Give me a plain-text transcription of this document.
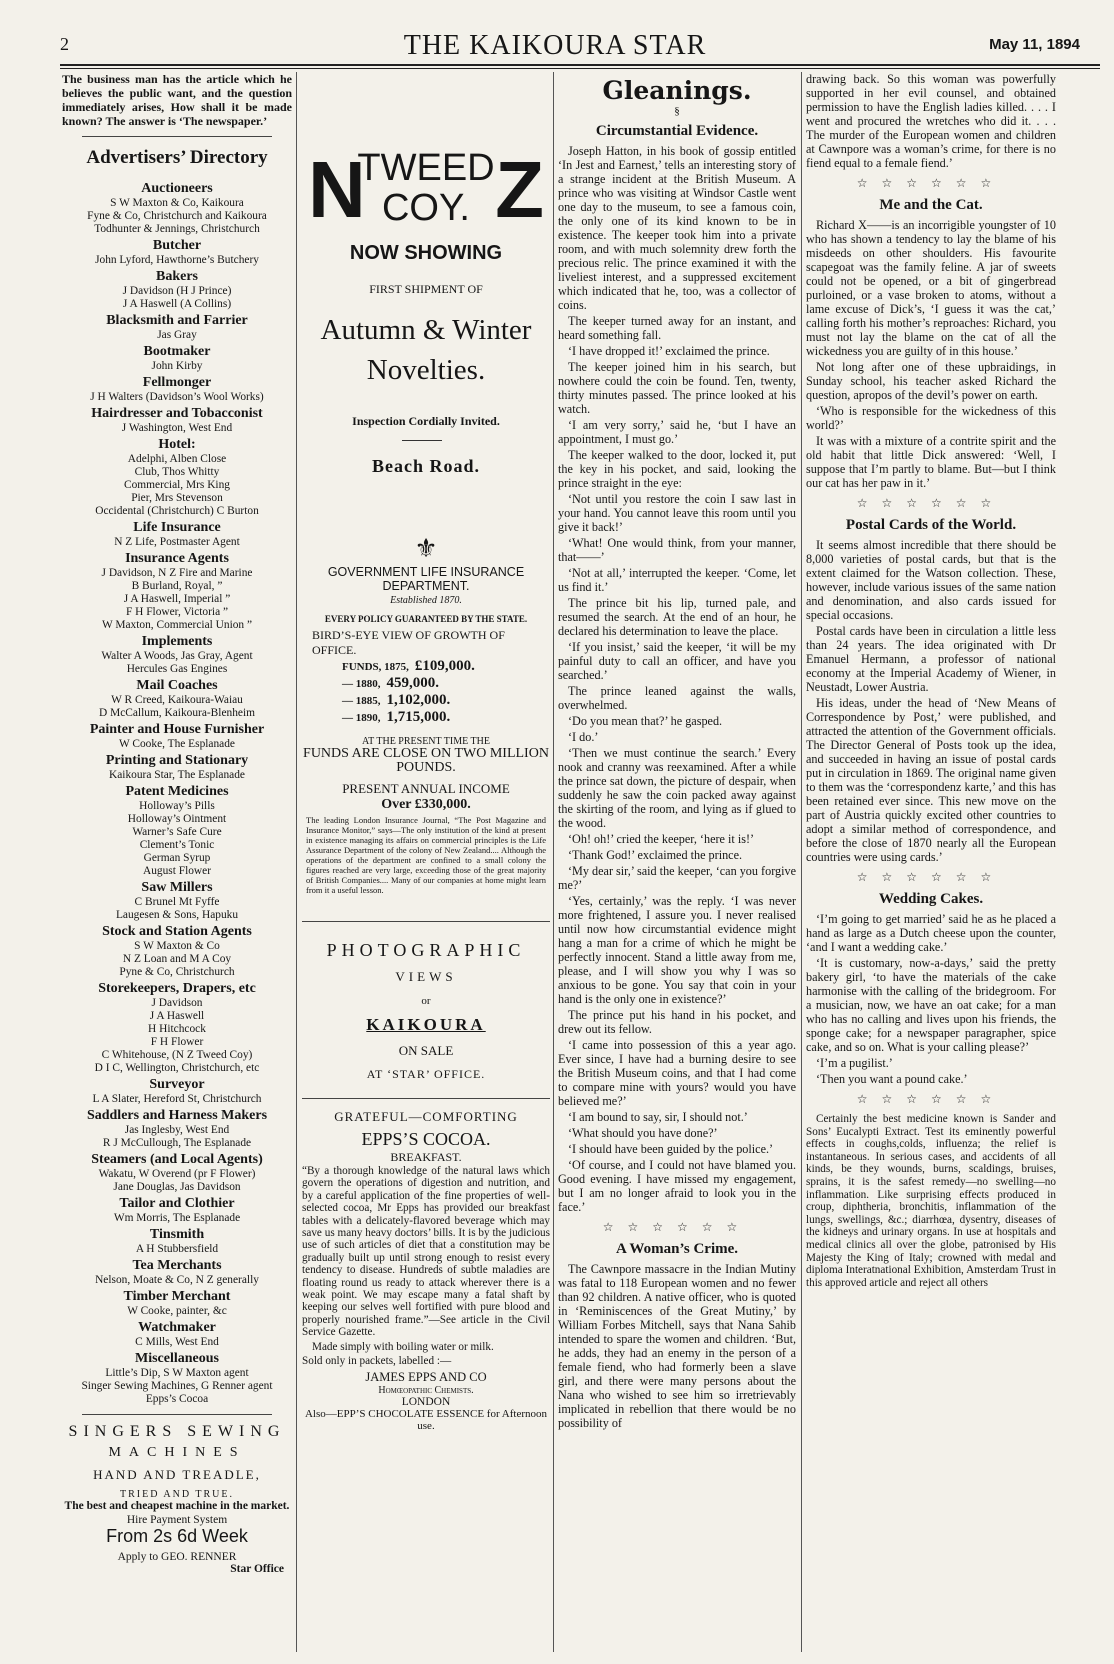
2	THE KAIKOURA STAR	May 11, 1894

The business man has the article which he believes the public want, and the question immediately arises, How shall it be made known? The answer is ‘The newspaper.’

Advertisers’ Directory
Auctioneers
S W Maxton & Co, Kaikoura
Fyne & Co, Christchurch and Kaikoura
Todhunter & Jennings, Christchurch
Butcher
John Lyford, Hawthorne’s Butchery
Bakers
J Davidson (H J Prince)
J A Haswell (A Collins)
Blacksmith and Farrier
Jas Gray
Bootmaker
John Kirby
Fellmonger
J H Walters (Davidson’s Wool Works)
Hairdresser and Tobacconist
J Washington, West End
Hotel:
Adelphi, Alben Close
Club, Thos Whitty
Commercial, Mrs King
Pier, Mrs Stevenson
Occidental (Christchurch) C Burton
Life Insurance
N Z Life, Postmaster Agent
Insurance Agents
J Davidson, N Z Fire and Marine
B Burland, Royal, ”
J A Haswell, Imperial ”
F H Flower, Victoria ”
W Maxton, Commercial Union ”
Implements
Walter A Woods, Jas Gray, Agent
Hercules Gas Engines
Mail Coaches
W R Creed, Kaikoura-Waiau
D McCallum, Kaikoura-Blenheim
Painter and House Furnisher
W Cooke, The Esplanade
Printing and Stationary
Kaikoura Star, The Esplanade
Patent Medicines
Holloway’s Pills
Holloway’s Ointment
Warner’s Safe Cure
Clement’s Tonic
German Syrup
August Flower
Saw Millers
C Brunel Mt Fyffe
Laugesen & Sons, Hapuku
Stock and Station Agents
S W Maxton & Co
N Z Loan and M A Coy
Pyne & Co, Christchurch
Storekeepers, Drapers, etc
J Davidson
J A Haswell
H Hitchcock
F H Flower
C Whitehouse, (N Z Tweed Coy)
D I C, Wellington, Christchurch, etc
Surveyor
L A Slater, Hereford St, Christchurch
Saddlers and Harness Makers
Jas Inglesby, West End
R J McCullough, The Esplanade
Steamers (and Local Agents)
Wakatu, W Overend (pr F Flower)
Jane Douglas, Jas Davidson
Tailor and Clothier
Wm Morris, The Esplanade
Tinsmith
A H Stubbersfield
Tea Merchants
Nelson, Moate & Co, N Z generally
Timber Merchant
W Cooke, painter, &c
Watchmaker
C Mills, West End
Miscellaneous
Little’s Dip, S W Maxton agent
Singer Sewing Machines, G Renner agent
Epps’s Cocoa
SINGERS SEWING
MACHINES
HAND AND TREADLE,
TRIED AND TRUE.
The best and cheapest machine in the market.
Hire Payment System
From 2s 6d Week
Apply to GEO. RENNER
Star Office
N Z
TWEED
COY.
NOW SHOWING
FIRST SHIPMENT OF
Autumn & Winter
Novelties.
Inspection Cordially Invited.
Beach Road.
⚜
GOVERNMENT LIFE INSURANCE DEPARTMENT.
Established 1870.
EVERY POLICY GUARANTEED BY THE STATE.
BIRD’S-EYE VIEW OF GROWTH OF OFFICE.
FUNDS, 1875, £109,000.
— 1880, 459,000.
— 1885, 1,102,000.
— 1890, 1,715,000.
AT THE PRESENT TIME THE
FUNDS ARE CLOSE ON TWO MILLION POUNDS.
PRESENT ANNUAL INCOME
Over £330,000.

The leading London Insurance Journal, “The Post Magazine and Insurance Monitor,” says—The only institution of the kind at present in existence managing its affairs on commercial principles is the Life Assurance Department of the colony of New Zealand.... Although the operations of the department are confined to a small colony the figures reached are very large, exceeding those of the great majority of British Companies.... Many of our companies at home might learn from it a useful lesson.

PHOTOGRAPHIC
VIEWS
or
KAIKOURA
ON SALE
AT ‘STAR’ OFFICE.
GRATEFUL—COMFORTING
EPPS’S COCOA.
BREAKFAST.

“By a thorough knowledge of the natural laws which govern the operations of digestion and nutrition, and by a careful application of the fine properties of well-selected cocoa, Mr Epps has provided our breakfast tables with a delicately-flavored beverage which may save us many heavy doctors’ bills. It is by the judicious use of such articles of diet that a constitution may be gradually built up until strong enough to resist every tendency to disease. Hundreds of subtle maladies are floating round us ready to attack wherever there is a weak point. We may escape many a fatal shaft by keeping our selves well fortified with pure blood and properly nourished frame.”—See article in the Civil Service Gazette.

Made simply with boiling water or milk.

Sold only in packets, labelled :—

JAMES EPPS AND CO
Homœopathic Chemists.
LONDON
Also—EPP’S CHOCOLATE ESSENCE for Afternoon use.
Gleanings.
§
Circumstantial Evidence.

Joseph Hatton, in his book of gossip entitled ‘In Jest and Earnest,’ tells an interesting story of a strange incident at the British Museum. A prince who was visiting at Windsor Castle went one day to the museum, to see a famous coin, the only one of its kind known to be in existence. The keeper took him into a private room, and with much solemnity drew forth the precious relic. The prince examined it with the liveliest interest, and a suppressed excitement which indicated that he, too, was a collector of coins.

The keeper turned away for an instant, and heard something fall.

‘I have dropped it!’ exclaimed the prince.

The keeper joined him in his search, but nowhere could the coin be found. Ten, twenty, thirty minutes passed. The prince looked at his watch.

‘I am very sorry,’ said he, ‘but I have an appointment, I must go.’

The keeper walked to the door, locked it, put the key in his pocket, and said, looking the prince straight in the eye:

‘Not until you restore the coin I saw last in your hand. You cannot leave this room until you give it back!’

‘What! One would think, from your manner, that——’

‘Not at all,’ interrupted the keeper. ‘Come, let us find it.’

The prince bit his lip, turned pale, and resumed the search. At the end of an hour, he declared his determination to leave the place.

‘If you insist,’ said the keeper, ‘it will be my painful duty to call an officer, and have you searched.’

The prince leaned against the walls, overwhelmed.

‘Do you mean that?’ he gasped.

‘I do.’

‘Then we must continue the search.’ Every nook and cranny was reexamined. After a while the prince sat down, the picture of despair, when suddenly he saw the coin packed away against the skirting of the room, and lying as if glued to the wood.

‘Oh! oh!’ cried the keeper, ‘here it is!’

‘Thank God!’ exclaimed the prince.

‘My dear sir,’ said the keeper, ‘can you forgive me?’

‘Yes, certainly,’ was the reply. ‘I was never more frightened, I assure you. I never realised until now how circumstantial evidence might hang a man for a crime of which he might be perfectly innocent. Stand a little away from me, please, and I will show you why I was so anxious to be gone. You say that coin in your hand is the only one in existence?’

The prince put his hand in his pocket, and drew out its fellow.

‘I came into possession of this a year ago. Ever since, I have had a burning desire to see the British Museum coins, and that I had come to compare mine with yours? would you have believed me?’

‘I am bound to say, sir, I should not.’

‘What should you have done?’

‘I should have been guided by the police.’

‘Of course, and I could not have blamed you. Good evening. I have missed my engagement, but I am no longer afraid to look you in the face.’

☆☆☆☆☆☆
A Woman’s Crime.

The Cawnpore massacre in the Indian Mutiny was fatal to 118 European women and no fewer than 92 children. A native officer, who is quoted in ‘Reminiscences of the Great Mutiny,’ by William Forbes Mitchell, says that Nana Sahib intended to spare the women and children. ‘But, he adds, they had an enemy in the person of a female fiend, who had formerly been a slave girl, and there were many persons about the Nana who wished to see him so irretrievably implicated in rebellion that there would be no possibility of

drawing back. So this woman was powerfully supported in her evil counsel, and obtained permission to have the English ladies killed. . . . I went and procured the wretches who did it. . . . The murder of the European women and children at Cawnpore was a woman’s crime, for there is no fiend equal to a female fiend.’

☆☆☆☆☆☆
Me and the Cat.

Richard X——is an incorrigible youngster of 10 who has shown a tendency to lay the blame of his misdeeds on other shoulders. His favourite scapegoat was the family feline. A jar of sweets could not be opened, or a bit of gingerbread purloined, or a vase broken to atoms, without a lame excuse of Dick’s, ‘I guess it was the cat,’ calling forth his mother’s reproaches: Richard, you must not lay the blame on the cat of all the wickedness you are guilty of in this house.’

Not long after one of these upbraidings, in Sunday school, his teacher asked Richard the question, apropos of the devil’s power on earth.

‘Who is responsible for the wickedness of this world?’

It was with a mixture of a contrite spirit and the old habit that little Dick answered: ‘Well, I suppose that I’m partly to blame. But—but I think our cat has her paw in it.’

☆☆☆☆☆☆
Postal Cards of the World.

It seems almost incredible that there should be 8,000 varieties of postal cards, but that is the extent claimed for the Watson collection. These, however, include various issues of the same nation and denomination, and also cards issued for special occasions.

Postal cards have been in circulation a little less than 24 years. The idea originated with Dr Emanuel Hermann, a professor of national economy at the Imperial Academy of Wiener, in Neustadt, Lower Austria.

His ideas, under the head of ‘New Means of Correspondence by Post,’ were published, and attracted the attention of the Government officials. The Director General of Posts took up the idea, and succeeded in having an issue of postal cards put in circulation in 1869. The original name given to them was the ‘correspondenz karte,’ and this has been retained ever since. This new move on the part of Austria quickly excited other countries to adopt a similar method of correspondence, and before the close of 1870 nearly all the European countries were using cards.’

☆☆☆☆☆☆
Wedding Cakes.

‘I’m going to get married’ said he as he placed a hand as large as a Dutch cheese upon the counter, ‘and I want a wedding cake.’

‘It is customary, now-a-days,’ said the pretty bakery girl, ‘to have the materials of the cake harmonise with the calling of the bridegroom. For a musician, now, we have an oat cake; for a man who has no calling and lives upon his friends, the sponge cake; for a newspaper paragrapher, spice cake, and so on. What is your calling please?’

‘I’m a pugilist.’

‘Then you want a pound cake.’

☆☆☆☆☆☆

Certainly the best medicine known is Sander and Sons’ Eucalypti Extract. Test its eminently powerful effects in coughs,colds, influenza; the relief is instantaneous. In serious cases, and accidents of all kinds, be they wounds, burns, scaldings, bruises, sprains, it is the safest remedy—no swelling—no inflammation. Like surprising effects produced in croup, diphtheria, bronchitis, inflammation of the lungs, swellings, &c.; diarrhœa, dysentry, diseases of the kidneys and urinary organs. In use at hospitals and medical clinics all over the globe, patronised by His Majesty the King of Italy; crowned with medal and diploma Interatnational Exhibition, Amsterdam Trust in this approved article and reject all others
